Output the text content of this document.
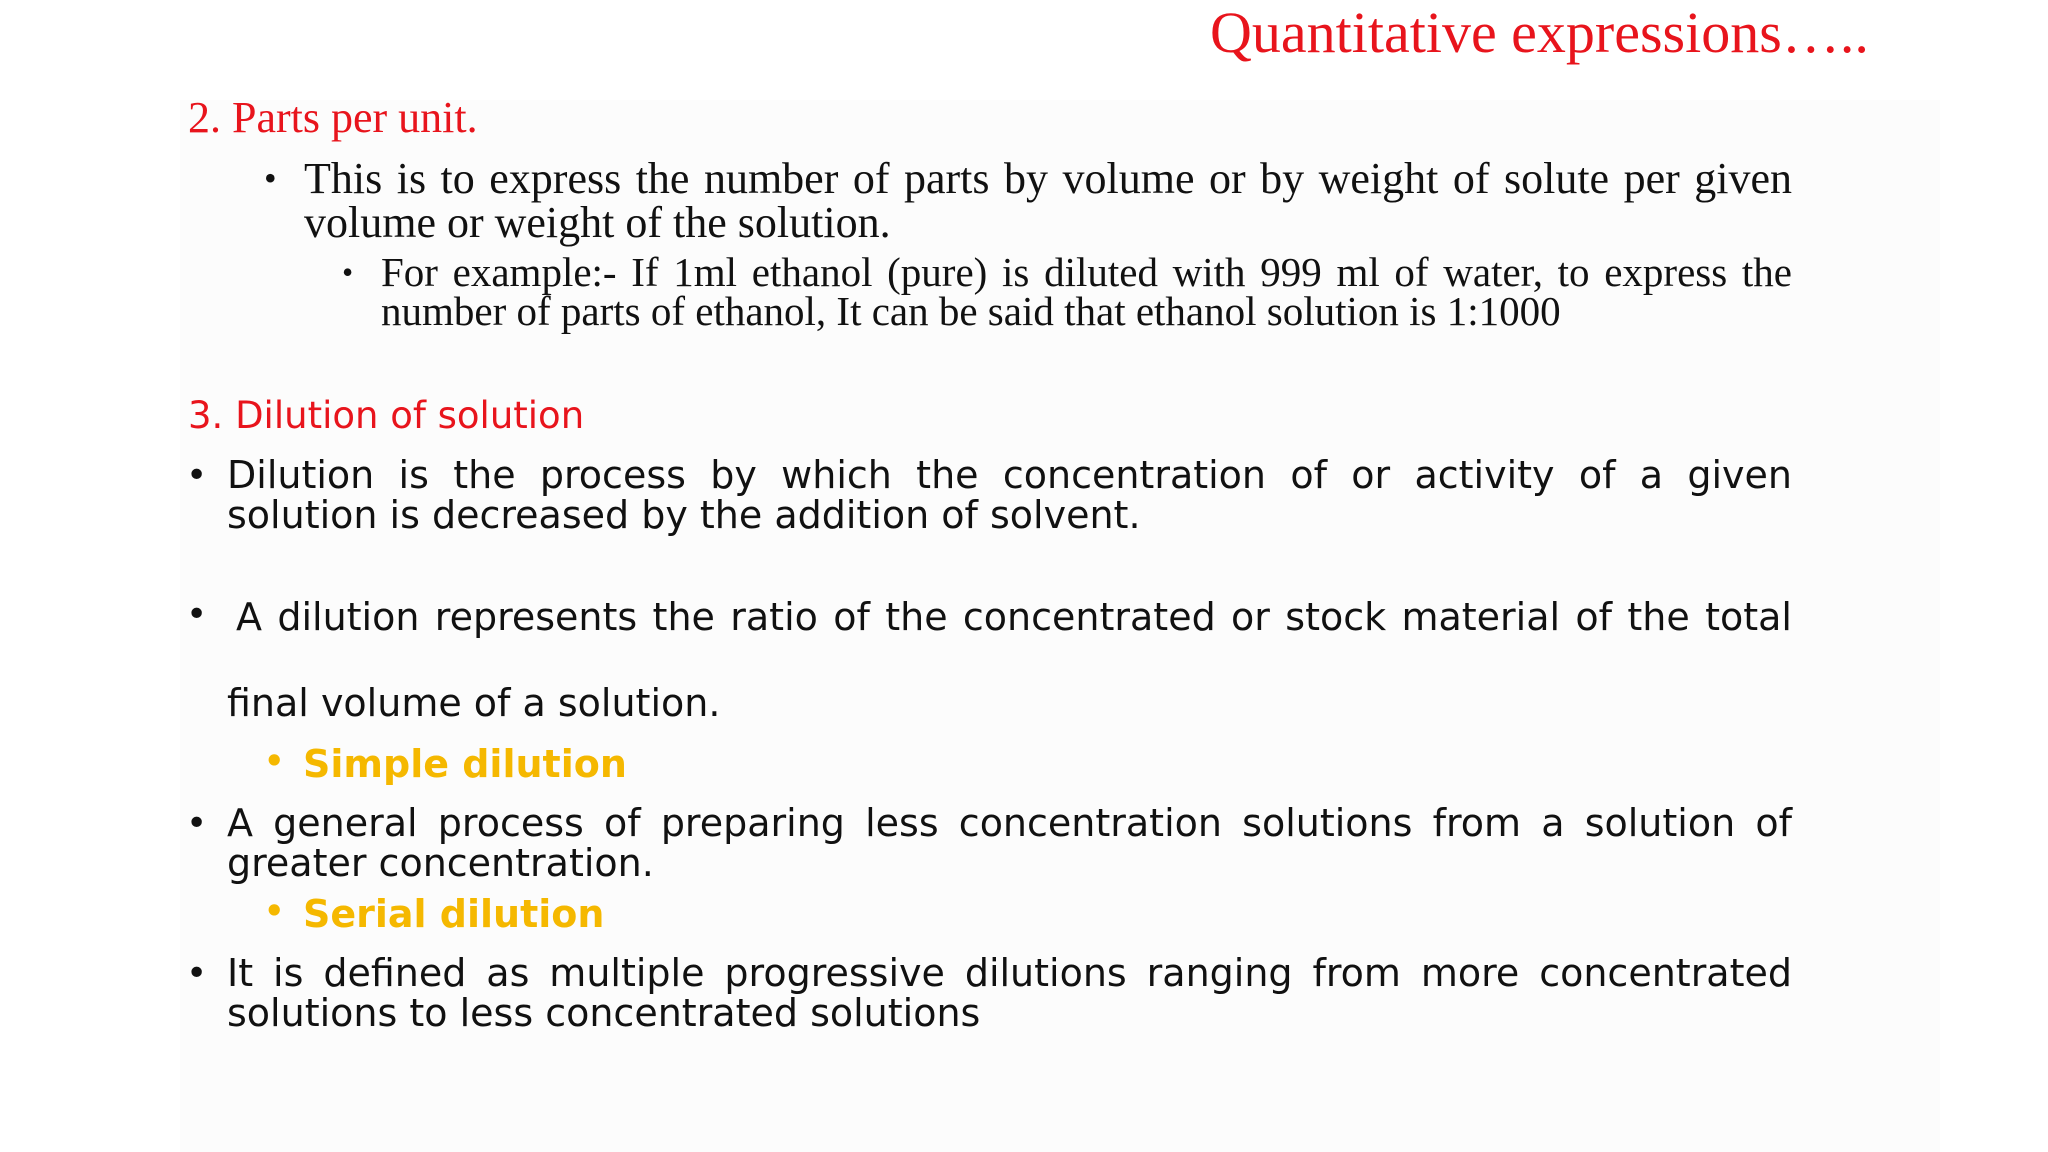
Quantitative expressions…..
2. Parts per unit.
• This is to express the number of parts by volume or by weight of solute per given volume or weight of the solution.
• For example:- If 1ml ethanol (pure) is diluted with 999 ml of water, to express the number of parts of ethanol, It can be said that ethanol solution is 1:1000
3. Dilution of solution
• Dilution is the process by which the concentration of or activity of a given solution is decreased by the addition of solvent.
• A dilution represents the ratio of the concentrated or stock material of the total
final volume of a solution.
• Simple dilution
• A general process of preparing less concentration solutions from a solution of greater concentration.
• Serial dilution
• It is defined as multiple progressive dilutions ranging from more concentrated solutions to less concentrated solutions
